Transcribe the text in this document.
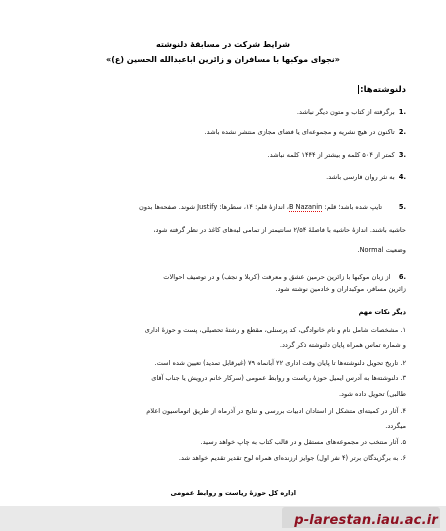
شرایط شرکت در مسابقهٔ دلنوشته
«نجوای موکبها با مسافران و زائرین اباعبدالله الحسین (ع)»
دلنوشته‌ها:
.1  برگرفته از کتاب و متون دیگر نباشد.
.2  تاکنون در هیچ نشریه و مجموعه‌ای یا فضای مجازی منتشر نشده باشد.
.3  کمتر از ۵۰۴ کلمه و بیشتر از ۱۴۴۴ کلمه نباشد.
.4  به نثر روان فارسی باشد.
.5        تایپ شده باشد؛ قلم: B Nazanin، اندازهٔ قلم: ۱۴، سطرها: Justify شوند. صفحه‌ها بدون
حاشیه باشند. اندازهٔ حاشیه با فاصلهٔ ۲/۵۴ سانتیمتر از تمامی لبه‌های کاغذ در نظر گرفته شود،
وضعیت Normal.
.6    از زبان موکبها با زائرین حرمین عشق و معرفت (کربلا و نجف) و در توصیف احوالات
زائرین مسافر، موکبداران و خادمین نوشته شود.
دیگر نکات مهم
۱. مشخصات شامل نام و نام خانوادگی، کد پرسنلی، مقطع و رشتهٔ تحصیلی، پست و حوزهٔ اداری
و شماره تماس همراه پایان دلنوشته ذکر گردد.
۲. تاریخ تحویل دلنوشته‌ها تا پایان وقت اداری ۲۲ آبانماه ۷۹ (غیرقابل تمدید) تعیین شده است.
۳. دلنوشته‌ها به آدرس ایمیل حوزهٔ ریاست و روابط عمومی (سرکار خانم درویش یا جناب آقای
طالبی) تحویل داده شود.
۴. آثار در کمیته‌ای متشکل از استادان ادبیات بررسی و نتایج در آذرماه از طریق اتوماسیون اعلام
میگردد.
۵. آثار منتخب در مجموعه‌های مستقل و در قالب کتاب به چاپ خواهد رسید.
۶. به برگزیدگان برتر (۴ نفر اول) جوایز ارزنده‌ای همراه لوح تقدیر تقدیم خواهد شد.
اداره کل حوزهٔ ریاست و روابط عمومی
p-larestan.iau.ac.ir
